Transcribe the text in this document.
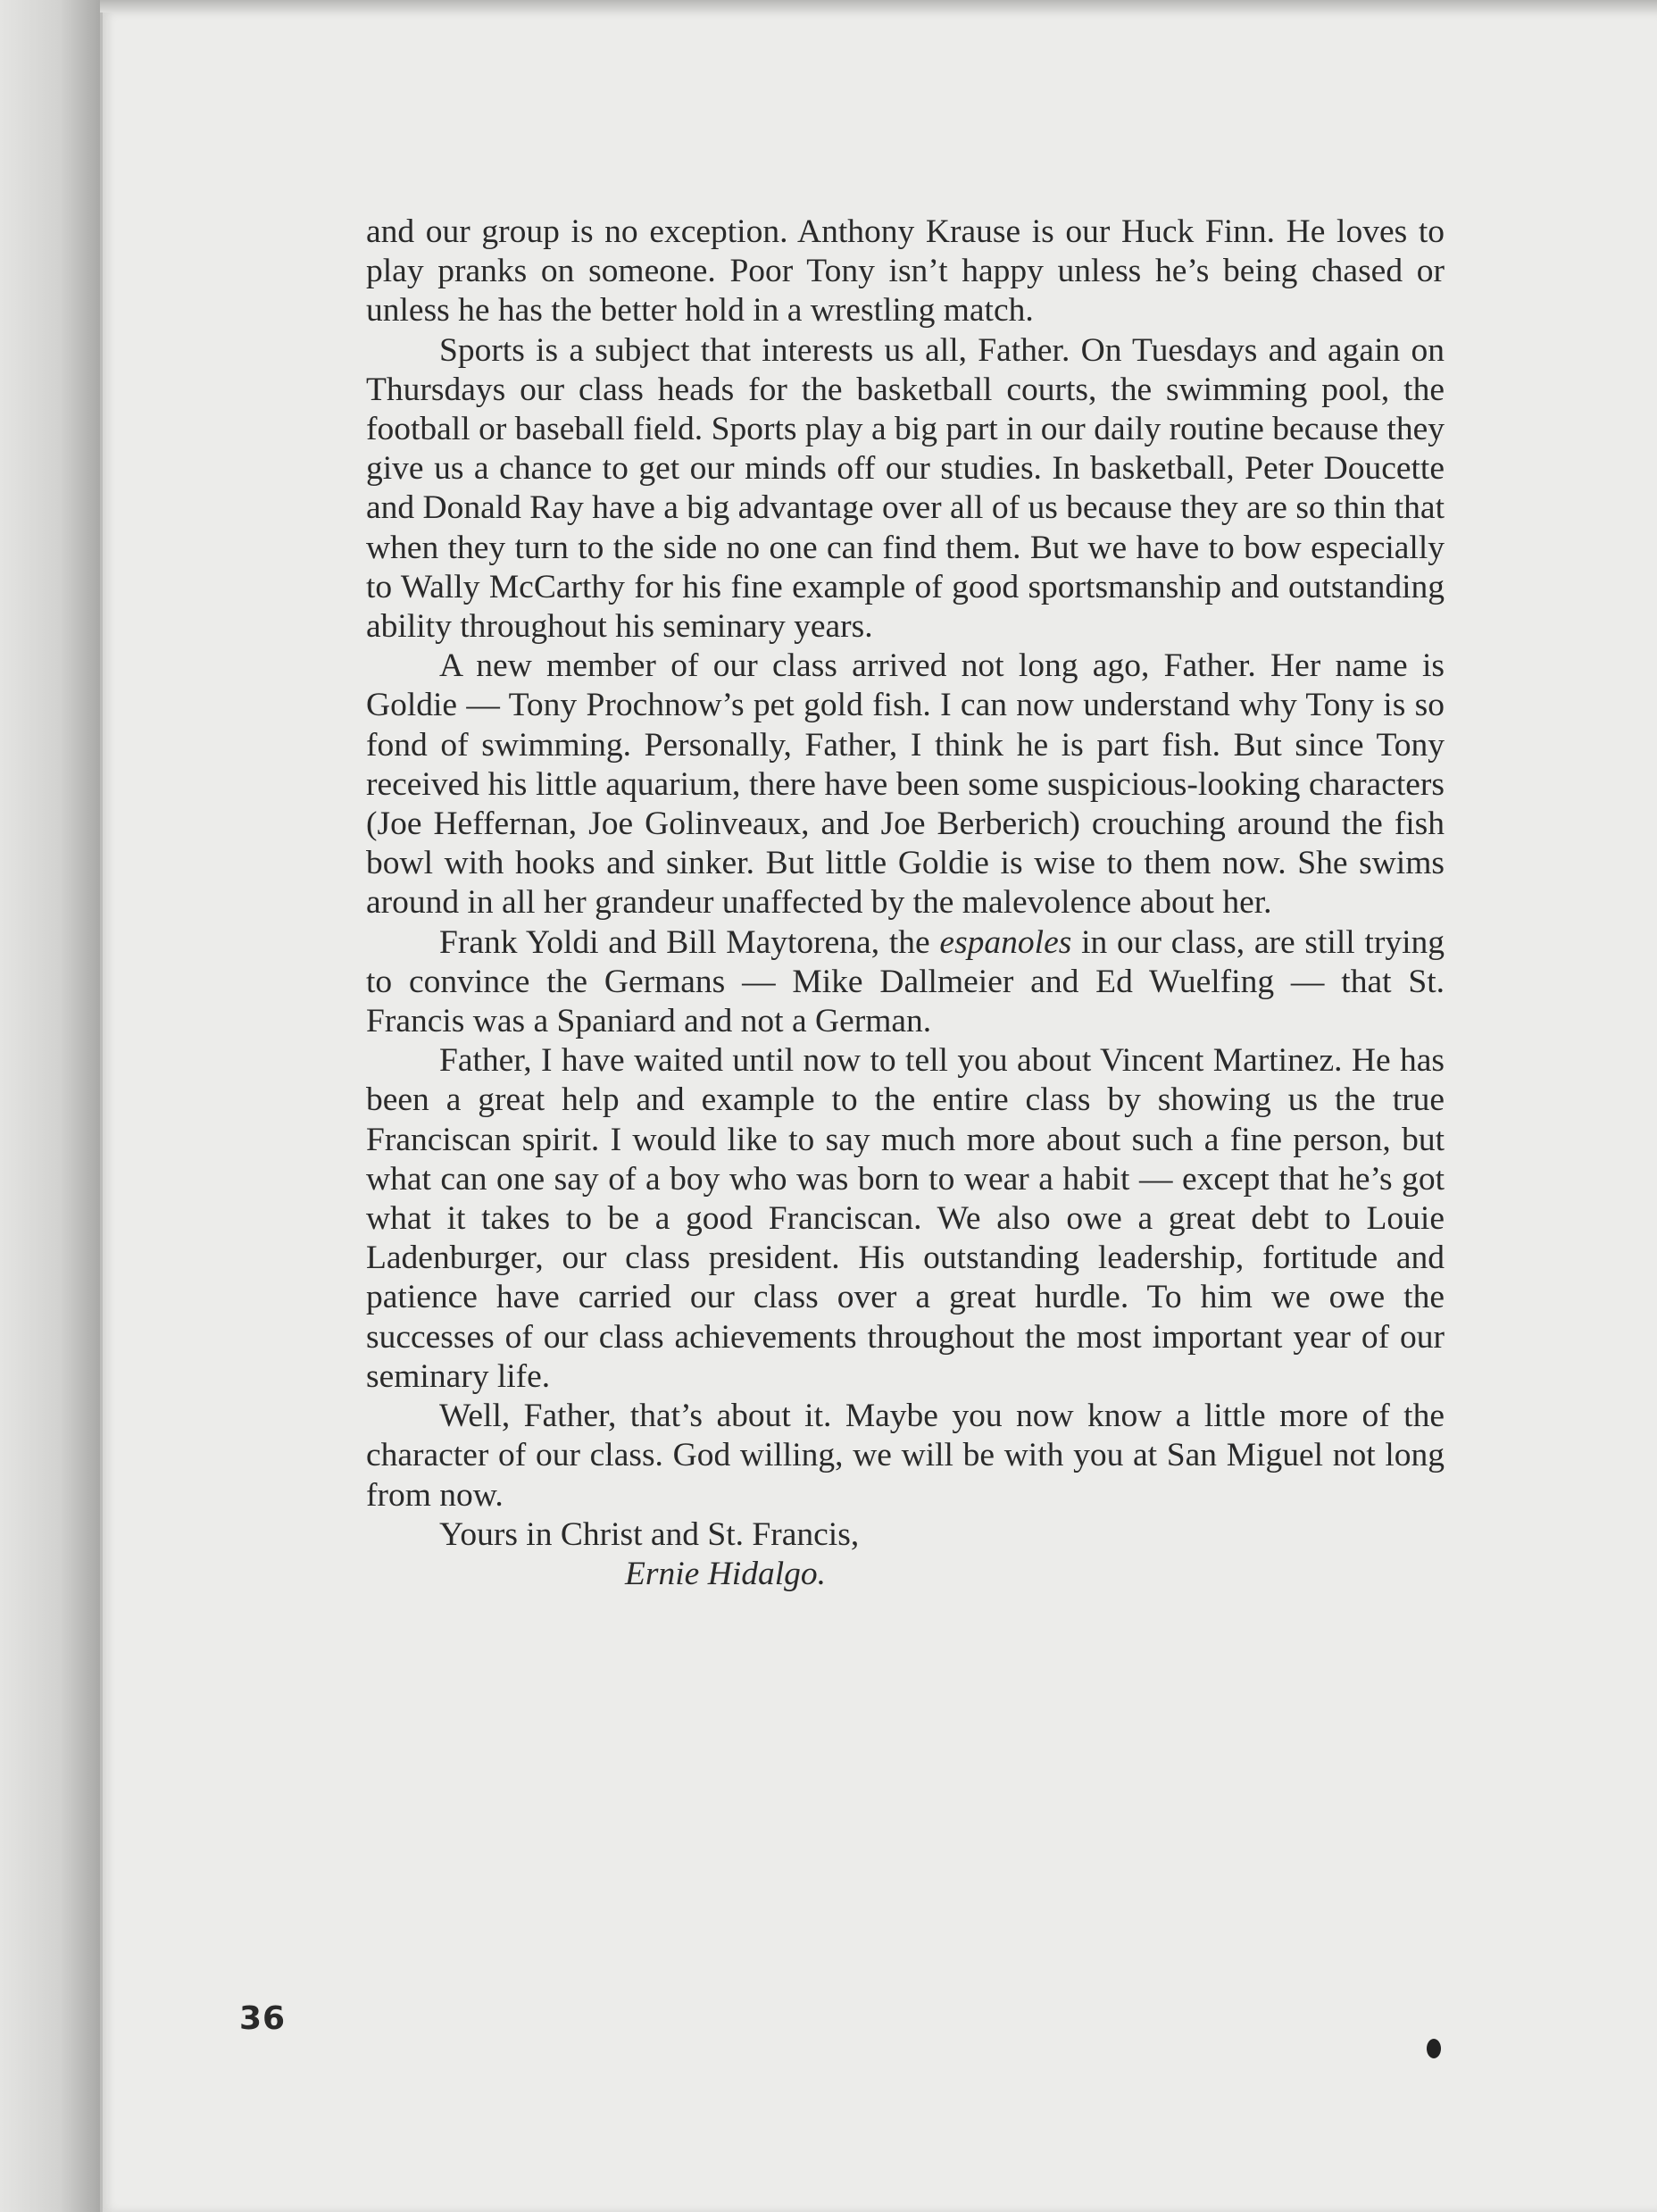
and our group is no exception. Anthony Krause is our Huck Finn. He loves to play pranks on someone. Poor Tony isn’t happy unless he’s being chased or unless he has the better hold in a wrestling match.

Sports is a subject that interests us all, Father. On Tuesdays and again on Thursdays our class heads for the basketball courts, the swimming pool, the football or baseball field. Sports play a big part in our daily routine because they give us a chance to get our minds off our studies. In basketball, Peter Doucette and Donald Ray have a big advantage over all of us because they are so thin that when they turn to the side no one can find them. But we have to bow especially to Wally McCarthy for his fine example of good sportsmanship and outstanding ability throughout his seminary years.

A new member of our class arrived not long ago, Father. Her name is Goldie — Tony Prochnow’s pet gold fish. I can now understand why Tony is so fond of swimming. Personally, Father, I think he is part fish. But since Tony received his little aquarium, there have been some suspicious-looking characters (Joe Heffernan, Joe Golinveaux, and Joe Berberich) crouching around the fish bowl with hooks and sinker. But little Goldie is wise to them now. She swims around in all her grandeur unaffected by the malevolence about her.

Frank Yoldi and Bill Maytorena, the espanoles in our class, are still trying to convince the Germans — Mike Dallmeier and Ed Wuelfing — that St. Francis was a Spaniard and not a German.

Father, I have waited until now to tell you about Vincent Martinez. He has been a great help and example to the entire class by showing us the true Franciscan spirit. I would like to say much more about such a fine person, but what can one say of a boy who was born to wear a habit — except that he’s got what it takes to be a good Franciscan. We also owe a great debt to Louie Ladenburger, our class president. His outstanding leadership, fortitude and patience have carried our class over a great hurdle. To him we owe the successes of our class achievements throughout the most important year of our seminary life.

Well, Father, that’s about it. Maybe you now know a little more of the character of our class. God willing, we will be with you at San Miguel not long from now.

Yours in Christ and St. Francis,

Ernie Hidalgo.

36
